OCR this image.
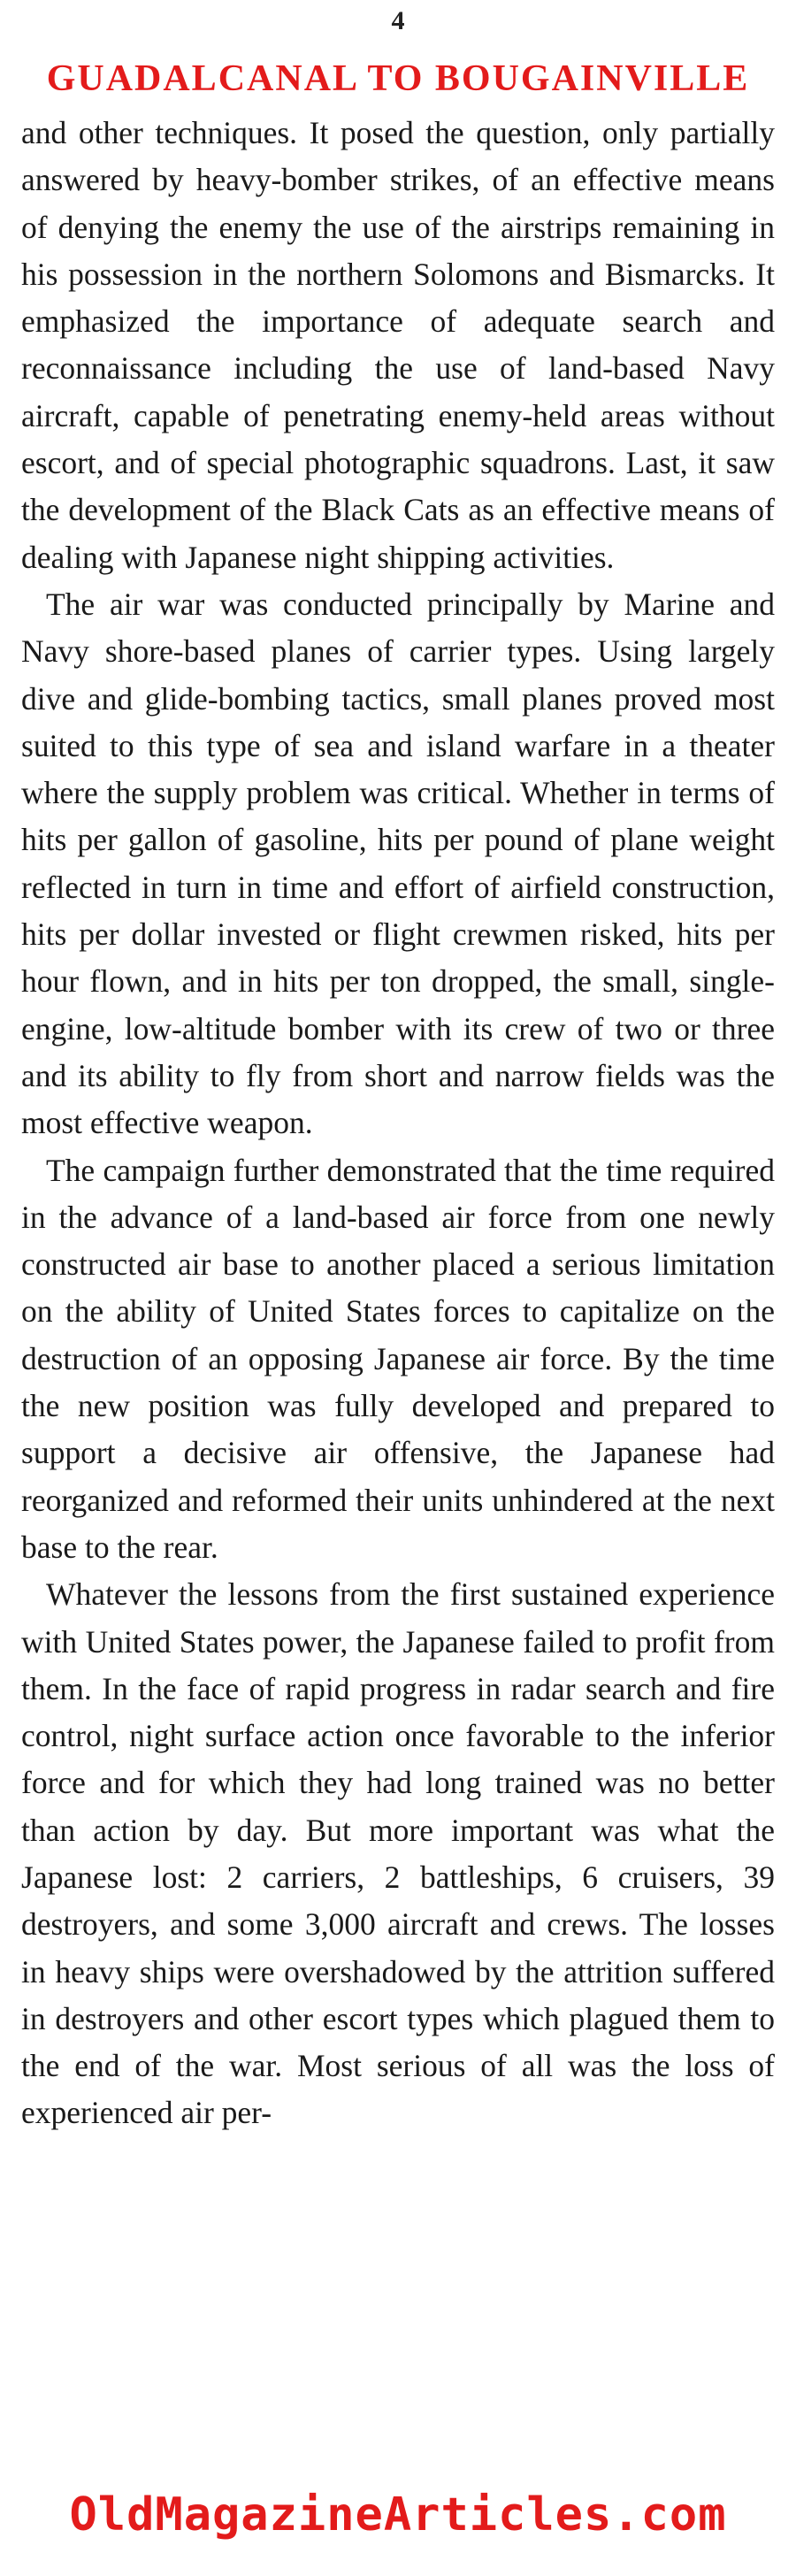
4
GUADALCANAL TO BOUGAINVILLE

and other techniques. It posed the question, only partially answered by heavy-bomber strikes, of an effective means of denying the enemy the use of the airstrips remaining in his possession in the northern Solomons and Bismarcks. It emphasized the importance of adequate search and reconnaissance including the use of land-based Navy aircraft, capable of penetrating enemy-held areas without escort, and of special photographic squadrons. Last, it saw the development of the Black Cats as an effective means of dealing with Japanese night shipping activities.

The air war was conducted principally by Marine and Navy shore-based planes of carrier types. Using largely dive and glide-bombing tactics, small planes proved most suited to this type of sea and island warfare in a theater where the supply problem was critical. Whether in terms of hits per gallon of gasoline, hits per pound of plane weight reflected in turn in time and effort of airfield construction, hits per dollar invested or flight crewmen risked, hits per hour flown, and in hits per ton dropped, the small, single-engine, low-altitude bomber with its crew of two or three and its ability to fly from short and narrow fields was the most effective weapon.

The campaign further demonstrated that the time required in the advance of a land-based air force from one newly constructed air base to another placed a serious limitation on the ability of United States forces to capitalize on the destruction of an opposing Japanese air force. By the time the new position was fully developed and prepared to support a decisive air offensive, the Japanese had reorganized and reformed their units unhindered at the next base to the rear.

Whatever the lessons from the first sustained experience with United States power, the Japanese failed to profit from them. In the face of rapid progress in radar search and fire control, night surface action once favorable to the inferior force and for which they had long trained was no better than action by day. But more important was what the Japanese lost: 2 carriers, 2 battleships, 6 cruisers, 39 destroyers, and some 3,000 aircraft and crews. The losses in heavy ships were overshadowed by the attrition suffered in destroyers and other escort types which plagued them to the end of the war. Most serious of all was the loss of experienced air per-

OldMagazineArticles.com
